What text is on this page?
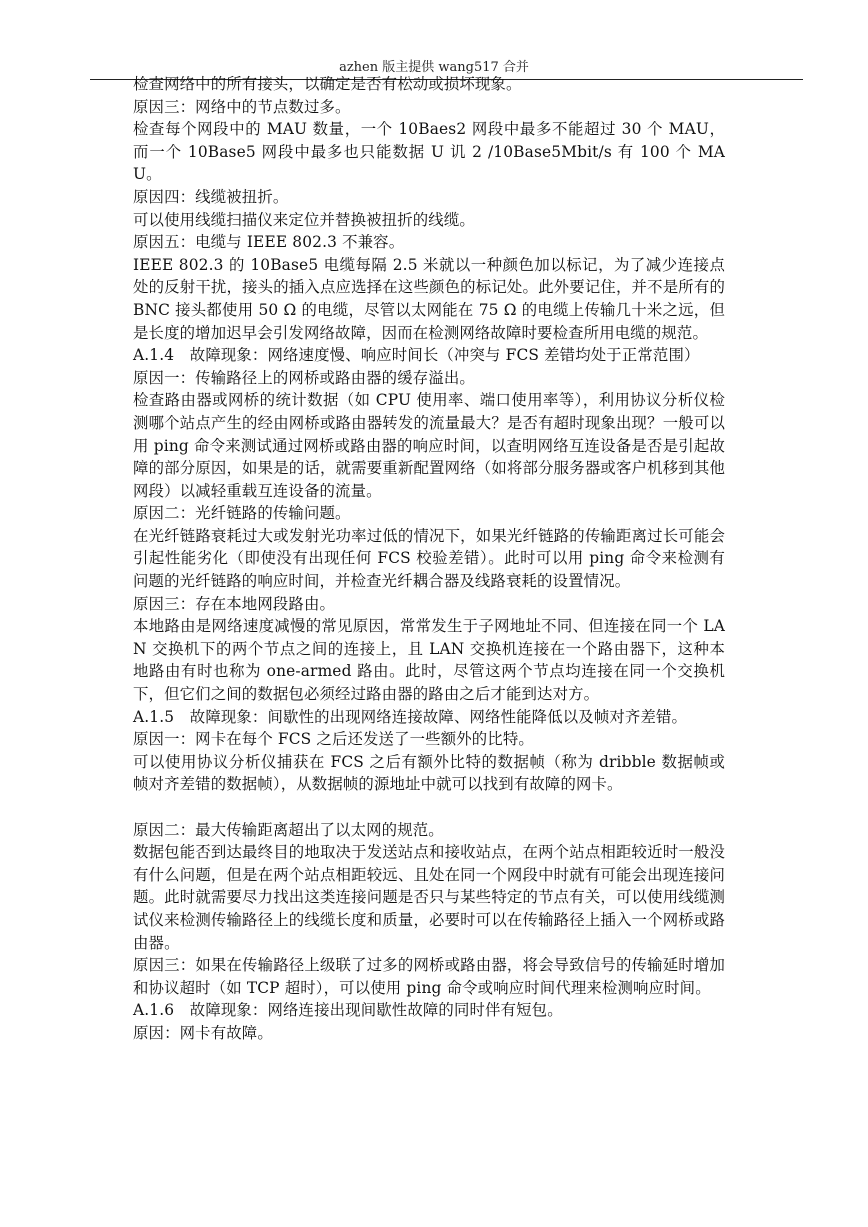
azhen 版主提供 wang517 合并

检查网络中的所有接头，以确定是否有松动或损坏现象。

原因三：网络中的节点数过多。

检查每个网段中的 MAU 数量，一个 10Baes2 网段中最多不能超过 30 个 MAU，而一个 10Base5 网段中最多也只能数据 U 讥 2 /10Base5Mbit/s 有 100 个 MAU。

原因四：线缆被扭折。

可以使用线缆扫描仪来定位并替换被扭折的线缆。

原因五：电缆与 IEEE 802.3 不兼容。

IEEE 802.3 的 10Base5 电缆每隔 2.5 米就以一种颜色加以标记，为了减少连接点处的反射干扰，接头的插入点应选择在这些颜色的标记处。此外要记住，并不是所有的 BNC 接头都使用 50 Ω 的电缆，尽管以太网能在 75 Ω 的电缆上传输几十米之远，但是长度的增加迟早会引发网络故障，因而在检测网络故障时要检查所用电缆的规范。

A.1.4　故障现象：网络速度慢、响应时间长（冲突与 FCS 差错均处于正常范围）

原因一：传输路径上的网桥或路由器的缓存溢出。

检查路由器或网桥的统计数据（如 CPU 使用率、端口使用率等），利用协议分析仪检测哪个站点产生的经由网桥或路由器转发的流量最大？是否有超时现象出现？一般可以用 ping 命令来测试通过网桥或路由器的响应时间，以查明网络互连设备是否是引起故障的部分原因，如果是的话，就需要重新配置网络（如将部分服务器或客户机移到其他网段）以减轻重载互连设备的流量。

原因二：光纤链路的传输问题。

在光纤链路衰耗过大或发射光功率过低的情况下，如果光纤链路的传输距离过长可能会引起性能劣化（即使没有出现任何 FCS 校验差错）。此时可以用 ping 命令来检测有问题的光纤链路的响应时间，并检查光纤耦合器及线路衰耗的设置情况。

原因三：存在本地网段路由。

本地路由是网络速度减慢的常见原因，常常发生于子网地址不同、但连接在同一个 LAN 交换机下的两个节点之间的连接上，且 LAN 交换机连接在一个路由器下，这种本地路由有时也称为 one-armed 路由。此时，尽管这两个节点均连接在同一个交换机下，但它们之间的数据包必须经过路由器的路由之后才能到达对方。

A.1.5　故障现象：间歇性的出现网络连接故障、网络性能降低以及帧对齐差错。

原因一：网卡在每个 FCS 之后还发送了一些额外的比特。

可以使用协议分析仪捕获在 FCS 之后有额外比特的数据帧（称为 dribble 数据帧或帧对齐差错的数据帧），从数据帧的源地址中就可以找到有故障的网卡。

原因二：最大传输距离超出了以太网的规范。

数据包能否到达最终目的地取决于发送站点和接收站点，在两个站点相距较近时一般没有什么问题，但是在两个站点相距较远、且处在同一个网段中时就有可能会出现连接问题。此时就需要尽力找出这类连接问题是否只与某些特定的节点有关，可以使用线缆测试仪来检测传输路径上的线缆长度和质量，必要时可以在传输路径上插入一个网桥或路由器。

原因三：如果在传输路径上级联了过多的网桥或路由器，将会导致信号的传输延时增加和协议超时（如 TCP 超时），可以使用 ping 命令或响应时间代理来检测响应时间。

A.1.6　故障现象：网络连接出现间歇性故障的同时伴有短包。

原因：网卡有故障。
